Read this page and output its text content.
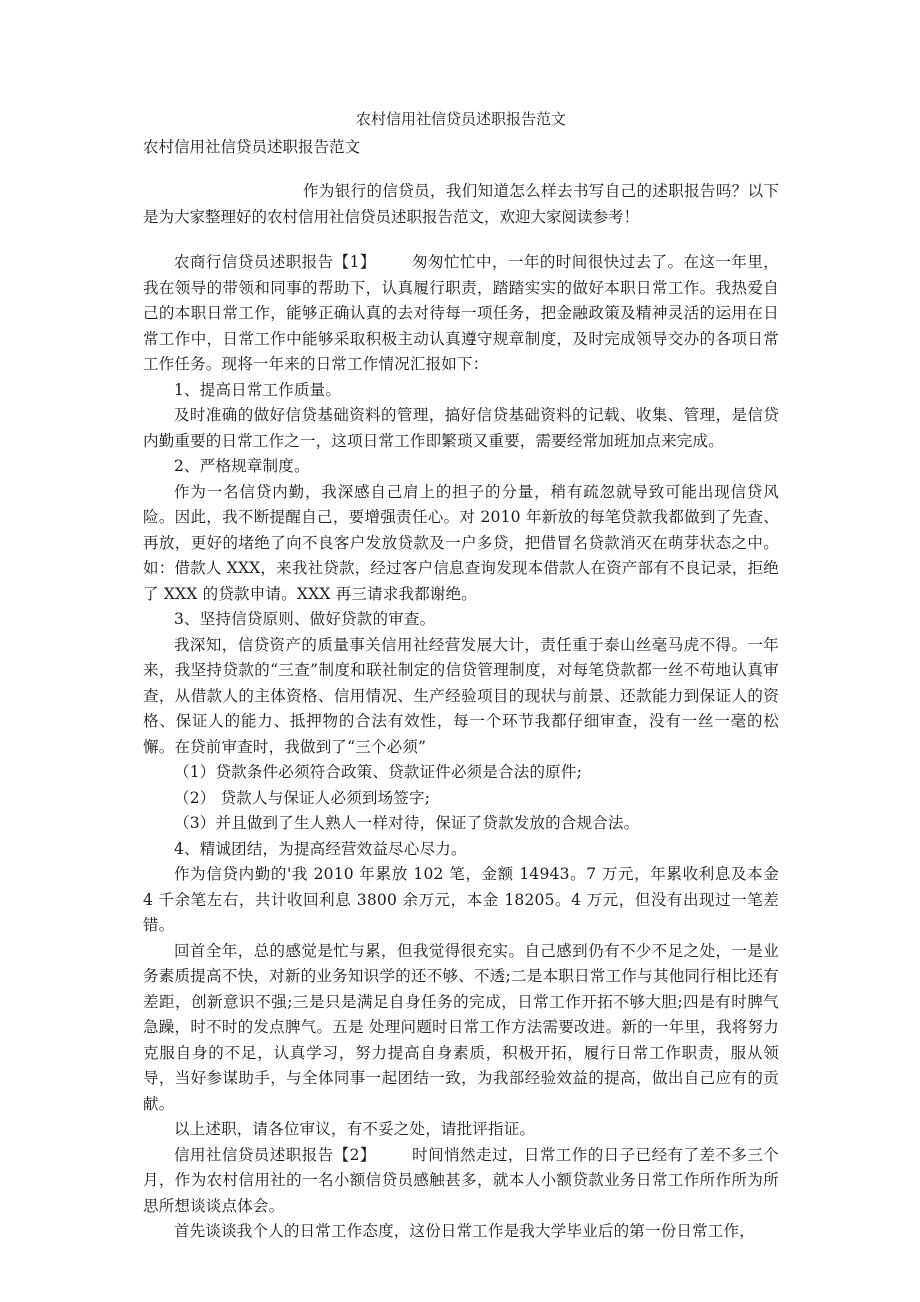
农村信用社信贷员述职报告范文

农村信用社信贷员述职报告范文

作为银行的信贷员，我们知道怎么样去书写自己的述职报告吗？以下是为大家整理好的农村信用社信贷员述职报告范文，欢迎大家阅读参考！

农商行信贷员述职报告【1】 匆匆忙忙中，一年的时间很快过去了。在这一年里，我在领导的带领和同事的帮助下，认真履行职责，踏踏实实的做好本职日常工作。我热爱自己的本职日常工作，能够正确认真的去对待每一项任务，把金融政策及精神灵活的运用在日常工作中，日常工作中能够采取积极主动认真遵守规章制度，及时完成领导交办的各项日常工作任务。现将一年来的日常工作情况汇报如下：

1、提高日常工作质量。

及时准确的做好信贷基础资料的管理，搞好信贷基础资料的记载、收集、管理，是信贷内勤重要的日常工作之一，这项日常工作即繁琐又重要，需要经常加班加点来完成。

2、严格规章制度。

作为一名信贷内勤，我深感自己肩上的担子的分量，稍有疏忽就导致可能出现信贷风险。因此，我不断提醒自己，要增强责任心。对 2010 年新放的每笔贷款我都做到了先查、再放，更好的堵绝了向不良客户发放贷款及一户多贷，把借冒名贷款消灭在萌芽状态之中。如：借款人 XXX，来我社贷款，经过客户信息查询发现本借款人在资产部有不良记录，拒绝了 XXX 的贷款申请。XXX 再三请求我都谢绝。

3、坚持信贷原则、做好贷款的审查。

我深知，信贷资产的质量事关信用社经营发展大计，责任重于泰山丝毫马虎不得。一年来，我坚持贷款的“三查”制度和联社制定的信贷管理制度，对每笔贷款都一丝不苟地认真审查，从借款人的主体资格、信用情况、生产经验项目的现状与前景、还款能力到保证人的资格、保证人的能力、抵押物的合法有效性，每一个环节我都仔细审查，没有一丝一毫的松懈。在贷前审查时，我做到了“三个必须”

（1）贷款条件必须符合政策、贷款证件必须是合法的原件;

（2） 贷款人与保证人必须到场签字;

（3）并且做到了生人熟人一样对待，保证了贷款发放的合规合法。

4、精诚团结，为提高经营效益尽心尽力。

作为信贷内勤的'我 2010 年累放 102 笔，金额 14943。7 万元，年累收利息及本金 4 千余笔左右，共计收回利息 3800 余万元，本金 18205。4 万元，但没有出现过一笔差错。

回首全年，总的感觉是忙与累，但我觉得很充实。自己感到仍有不少不足之处，一是业务素质提高不快，对新的业务知识学的还不够、不透;二是本职日常工作与其他同行相比还有差距，创新意识不强;三是只是满足自身任务的完成，日常工作开拓不够大胆;四是有时脾气急躁，时不时的发点脾气。五是 处理问题时日常工作方法需要改进。新的一年里，我将努力克服自身的不足，认真学习，努力提高自身素质，积极开拓，履行日常工作职责，服从领导，当好参谋助手，与全体同事一起团结一致，为我部经验效益的提高，做出自己应有的贡献。

以上述职，请各位审议，有不妥之处，请批评指证。

信用社信贷员述职报告【2】 时间悄然走过，日常工作的日子已经有了差不多三个月，作为农村信用社的一名小额信贷员感触甚多，就本人小额贷款业务日常工作所作所为所思所想谈谈点体会。

首先谈谈我个人的日常工作态度，这份日常工作是我大学毕业后的第一份日常工作，
